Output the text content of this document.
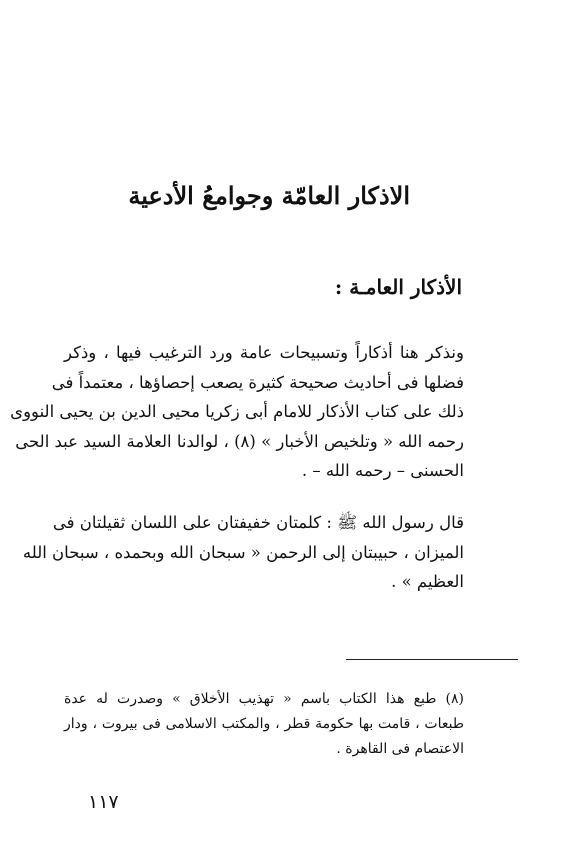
الاذكار العامّة وجوامعُ الأدعية
الأذكار العامـة :
ونذكر هنا أذكاراً وتسبيحات عامة ورد الترغيب فيها ، وذكر
فضلها فى أحاديث صحيحة كثيرة يصعب إحصاؤها ، معتمداً فى
ذلك على كتاب الأذكار للامام أبى زكريا محيى الدين بن يحيى النووى
رحمه الله « وتلخيص الأخبار » (٨) ، لوالدنا العلامة السيد عبد الحى
الحسنى – رحمه الله – .
قال رسول الله ﷺ : كلمتان خفيفتان على اللسان ثقيلتان فى
الميزان ، حبيبتان إلى الرحمن « سبحان الله وبحمده ، سبحان الله
العظيم » .
(٨) طبع هذا الكتاب باسم « تهذيب الأخلاق » وصدرت له عدة
طبعات ، قامت بها حكومة قطر ، والمكتب الاسلامى فى بيروت ، ودار
الاعتصام فى القاهرة .
١١٧
